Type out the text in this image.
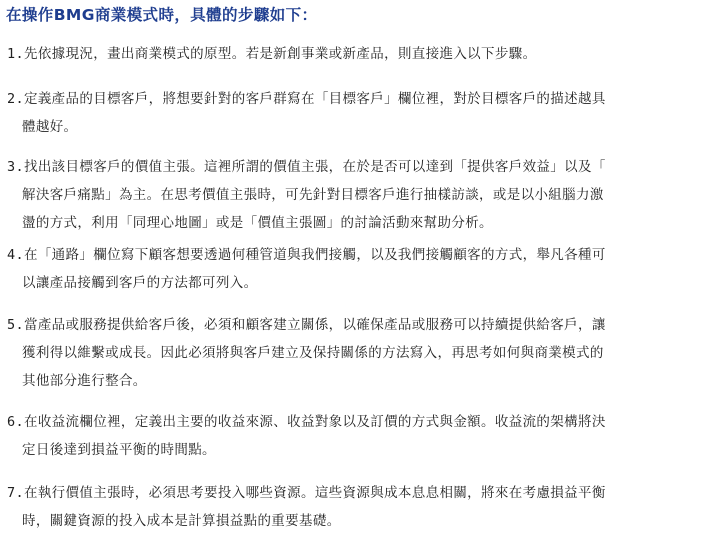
在操作BMG商業模式時，具體的步驟如下：
1.先依據現況，畫出商業模式的原型。若是新創事業或新產品，則直接進入以下步驟。
2.定義產品的目標客戶，將想要針對的客戶群寫在「目標客戶」欄位裡，對於目標客戶的描述越具
體越好。
3.找出該目標客戶的價值主張。這裡所謂的價值主張，在於是否可以達到「提供客戶效益」以及「
解決客戶痛點」為主。在思考價值主張時，可先針對目標客戶進行抽樣訪談，或是以小組腦力激
盪的方式，利用「同理心地圖」或是「價值主張圖」的討論活動來幫助分析。
4.在「通路」欄位寫下顧客想要透過何種管道與我們接觸，以及我們接觸顧客的方式，舉凡各種可
以讓產品接觸到客戶的方法都可列入。
5.當產品或服務提供給客戶後，必須和顧客建立關係，以確保產品或服務可以持續提供給客戶，讓
獲利得以維繫或成長。因此必須將與客戶建立及保持關係的方法寫入，再思考如何與商業模式的
其他部分進行整合。
6.在收益流欄位裡，定義出主要的收益來源、收益對象以及訂價的方式與金額。收益流的架構將決
定日後達到損益平衡的時間點。
7.在執行價值主張時，必須思考要投入哪些資源。這些資源與成本息息相關，將來在考慮損益平衡
時，關鍵資源的投入成本是計算損益點的重要基礎。
